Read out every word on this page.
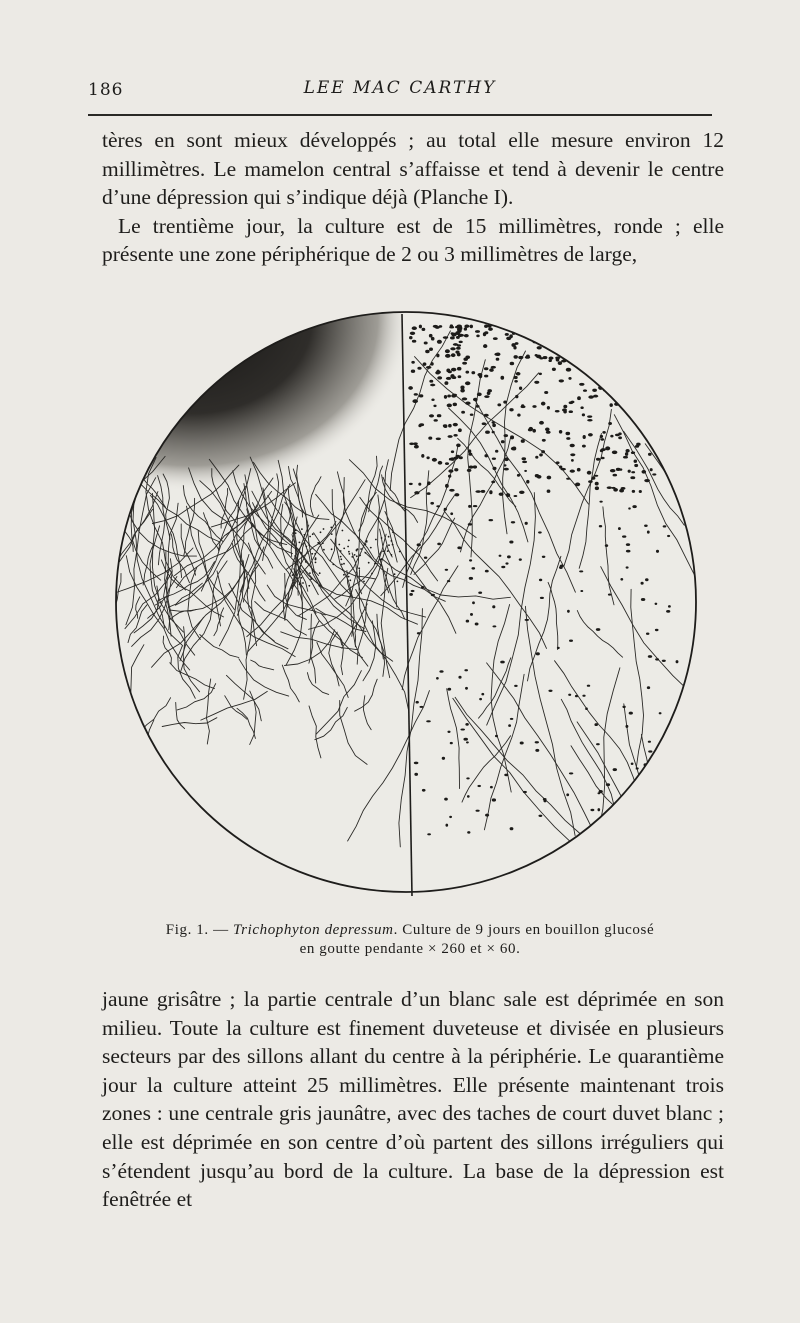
186	LEE MAC CARTHY

tères en sont mieux développés ; au total elle mesure environ 12 millimètres. Le mamelon central s’affaisse et tend à devenir le centre d’une dépression qui s’indique déjà (Planche I).

Le trentième jour, la culture est de 15 millimètres, ronde ; elle présente une zone périphérique de 2 ou 3 millimètres de large,

Fig. 1. — Trichophyton depressum. Culture de 9 jours en bouillon glucosé
en goutte pendante × 260 et × 60.

jaune grisâtre ; la partie centrale d’un blanc sale est déprimée en son milieu. Toute la culture est finement duveteuse et divisée en plusieurs secteurs par des sillons allant du centre à la périphérie. Le quarantième jour la culture atteint 25 millimètres. Elle présente maintenant trois zones : une centrale gris jaunâtre, avec des taches de court duvet blanc ; elle est déprimée en son centre d’où partent des sillons irréguliers qui s’étendent jusqu’au bord de la culture. La base de la dépression est fenêtrée et
